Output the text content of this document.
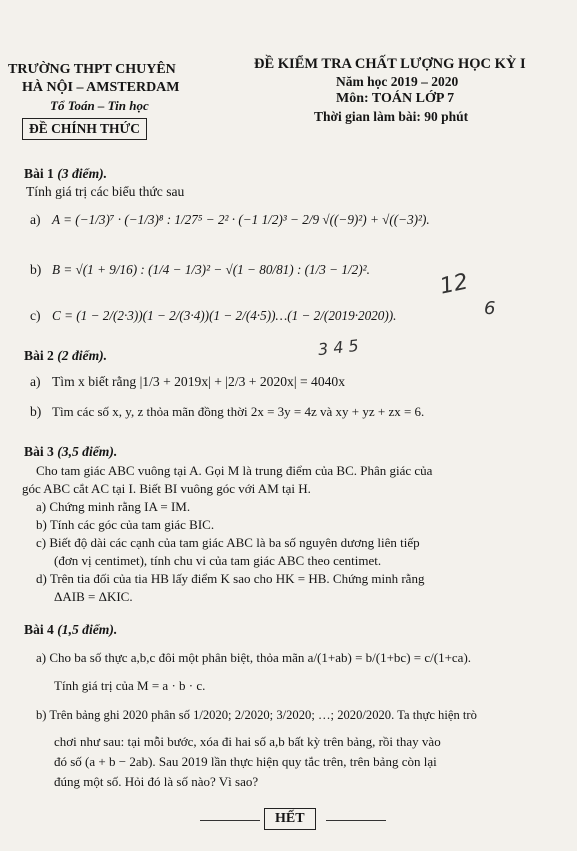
TRƯỜNG THPT CHUYÊN
HÀ NỘI – AMSTERDAM
Tổ Toán – Tin học
ĐỀ CHÍNH THỨC
ĐỀ KIỂM TRA CHẤT LƯỢNG HỌC KỲ I
Năm học 2019 – 2020
Môn: TOÁN LỚP 7
Thời gian làm bài: 90 phút
Bài 1 (3 điểm).
Tính giá trị các biểu thức sau
a) A = (−1/3)⁷ · (−1/3)⁸ : 1/27⁵ − 2² · (−1 1/2)³ − 2/9 √((−9)²) + √((−3)²).
b) B = √(1 + 9/16) : (1/4 − 1/3)² − √(1 − 80/81) : (1/3 − 1/2)².
c) C = (1 − 2/(2·3))(1 − 2/(3·4))(1 − 2/(4·5))…(1 − 2/(2019·2020)).
12
6
3 4 5
Bài 2 (2 điểm).
a) Tìm x biết rằng |1/3 + 2019x| + |2/3 + 2020x| = 4040x
b) Tìm các số x, y, z thỏa mãn đồng thời 2x = 3y = 4z và xy + yz + zx = 6.
Bài 3 (3,5 điểm).
Cho tam giác ABC vuông tại A. Gọi M là trung điểm của BC. Phân giác của
góc ABC cắt AC tại I. Biết BI vuông góc với AM tại H.
a) Chứng minh rằng IA = IM.
b) Tính các góc của tam giác BIC.
c) Biết độ dài các cạnh của tam giác ABC là ba số nguyên dương liên tiếp
(đơn vị centimet), tính chu vi của tam giác ABC theo centimet.
d) Trên tia đối của tia HB lấy điểm K sao cho HK = HB. Chứng minh rằng
ΔAIB = ΔKIC.
Bài 4 (1,5 điểm).
a) Cho ba số thực a,b,c đôi một phân biệt, thỏa mãn a/(1+ab) = b/(1+bc) = c/(1+ca).
Tính giá trị của M = a · b · c.
b) Trên bảng ghi 2020 phân số 1/2020; 2/2020; 3/2020; …; 2020/2020. Ta thực hiện trò
chơi như sau: tại mỗi bước, xóa đi hai số a,b bất kỳ trên bảng, rồi thay vào
đó số (a + b − 2ab). Sau 2019 lần thực hiện quy tắc trên, trên bảng còn lại
đúng một số. Hỏi đó là số nào? Vì sao?
HẾT
